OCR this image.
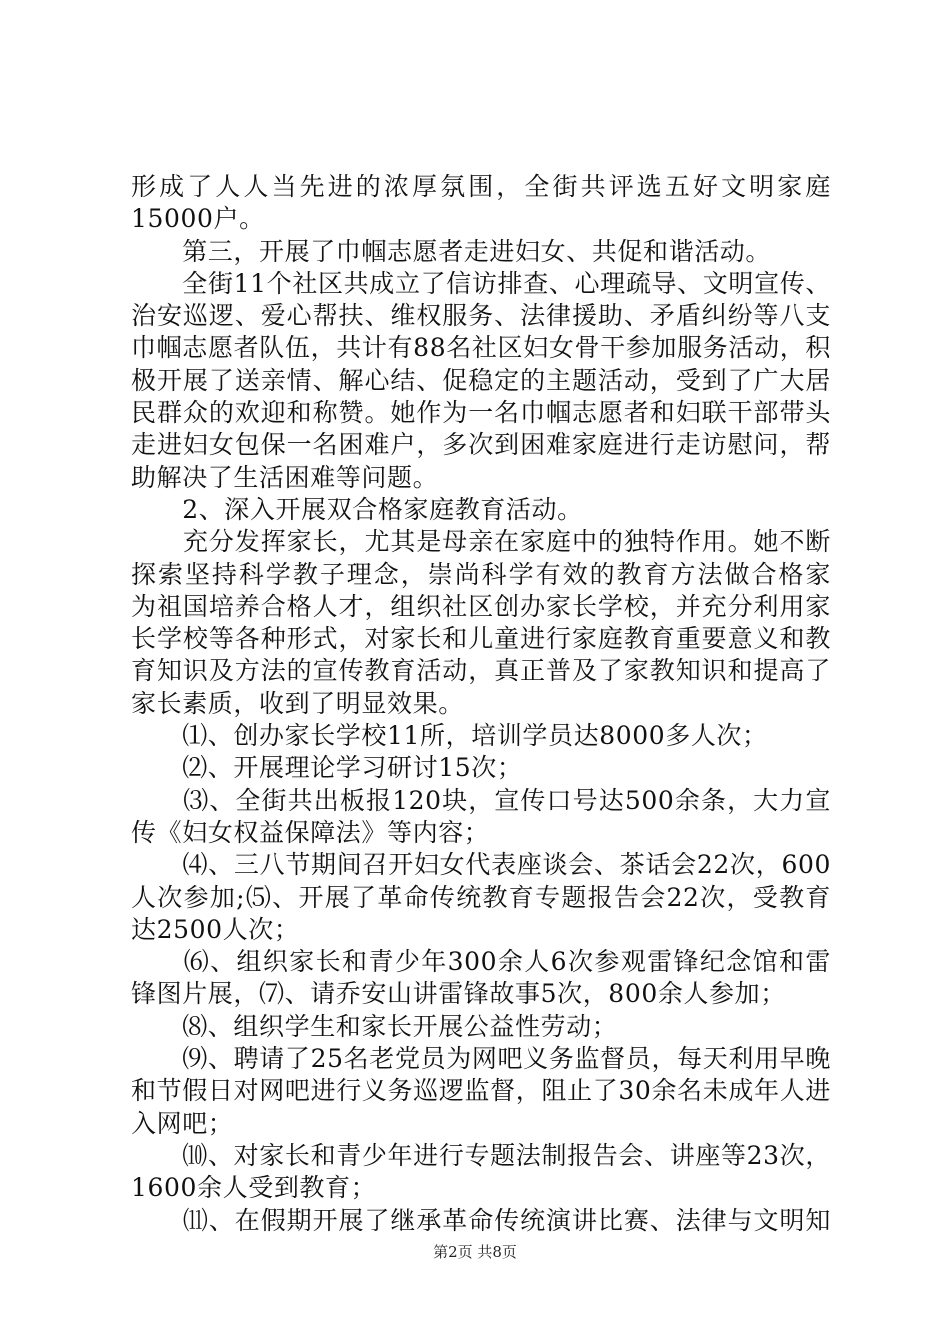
形成了人人当先进的浓厚氛围，全街共评选五好文明家庭
15000户。
　　第三，开展了巾帼志愿者走进妇女、共促和谐活动。
　　全街11个社区共成立了信访排查、心理疏导、文明宣传、
治安巡逻、爱心帮扶、维权服务、法律援助、矛盾纠纷等八支
巾帼志愿者队伍，共计有88名社区妇女骨干参加服务活动，积
极开展了送亲情、解心结、促稳定的主题活动，受到了广大居
民群众的欢迎和称赞。她作为一名巾帼志愿者和妇联干部带头
走进妇女包保一名困难户，多次到困难家庭进行走访慰问，帮
助解决了生活困难等问题。
　　2、深入开展双合格家庭教育活动。
　　充分发挥家长，尤其是母亲在家庭中的独特作用。她不断
探索坚持科学教子理念，崇尚科学有效的教育方法做合格家
为祖国培养合格人才，组织社区创办家长学校，并充分利用家
长学校等各种形式，对家长和儿童进行家庭教育重要意义和教
育知识及方法的宣传教育活动，真正普及了家教知识和提高了
家长素质，收到了明显效果。
　　⑴、创办家长学校11所，培训学员达8000多人次；
　　⑵、开展理论学习研讨15次；
　　⑶、全街共出板报120块，宣传口号达500余条，大力宣
传《妇女权益保障法》等内容；
　　⑷、三八节期间召开妇女代表座谈会、茶话会22次，600
人次参加;⑸、开展了革命传统教育专题报告会22次，受教育
达2500人次；
　　⑹、组织家长和青少年300余人6次参观雷锋纪念馆和雷
锋图片展，⑺、请乔安山讲雷锋故事5次，800余人参加；
　　⑻、组织学生和家长开展公益性劳动；
　　⑼、聘请了25名老党员为网吧义务监督员，每天利用早晚
和节假日对网吧进行义务巡逻监督，阻止了30余名未成年人进
入网吧；
　　⑽、对家长和青少年进行专题法制报告会、讲座等23次，
1600余人受到教育；
　　⑾、在假期开展了继承革命传统演讲比赛、法律与文明知
第2页 共8页
